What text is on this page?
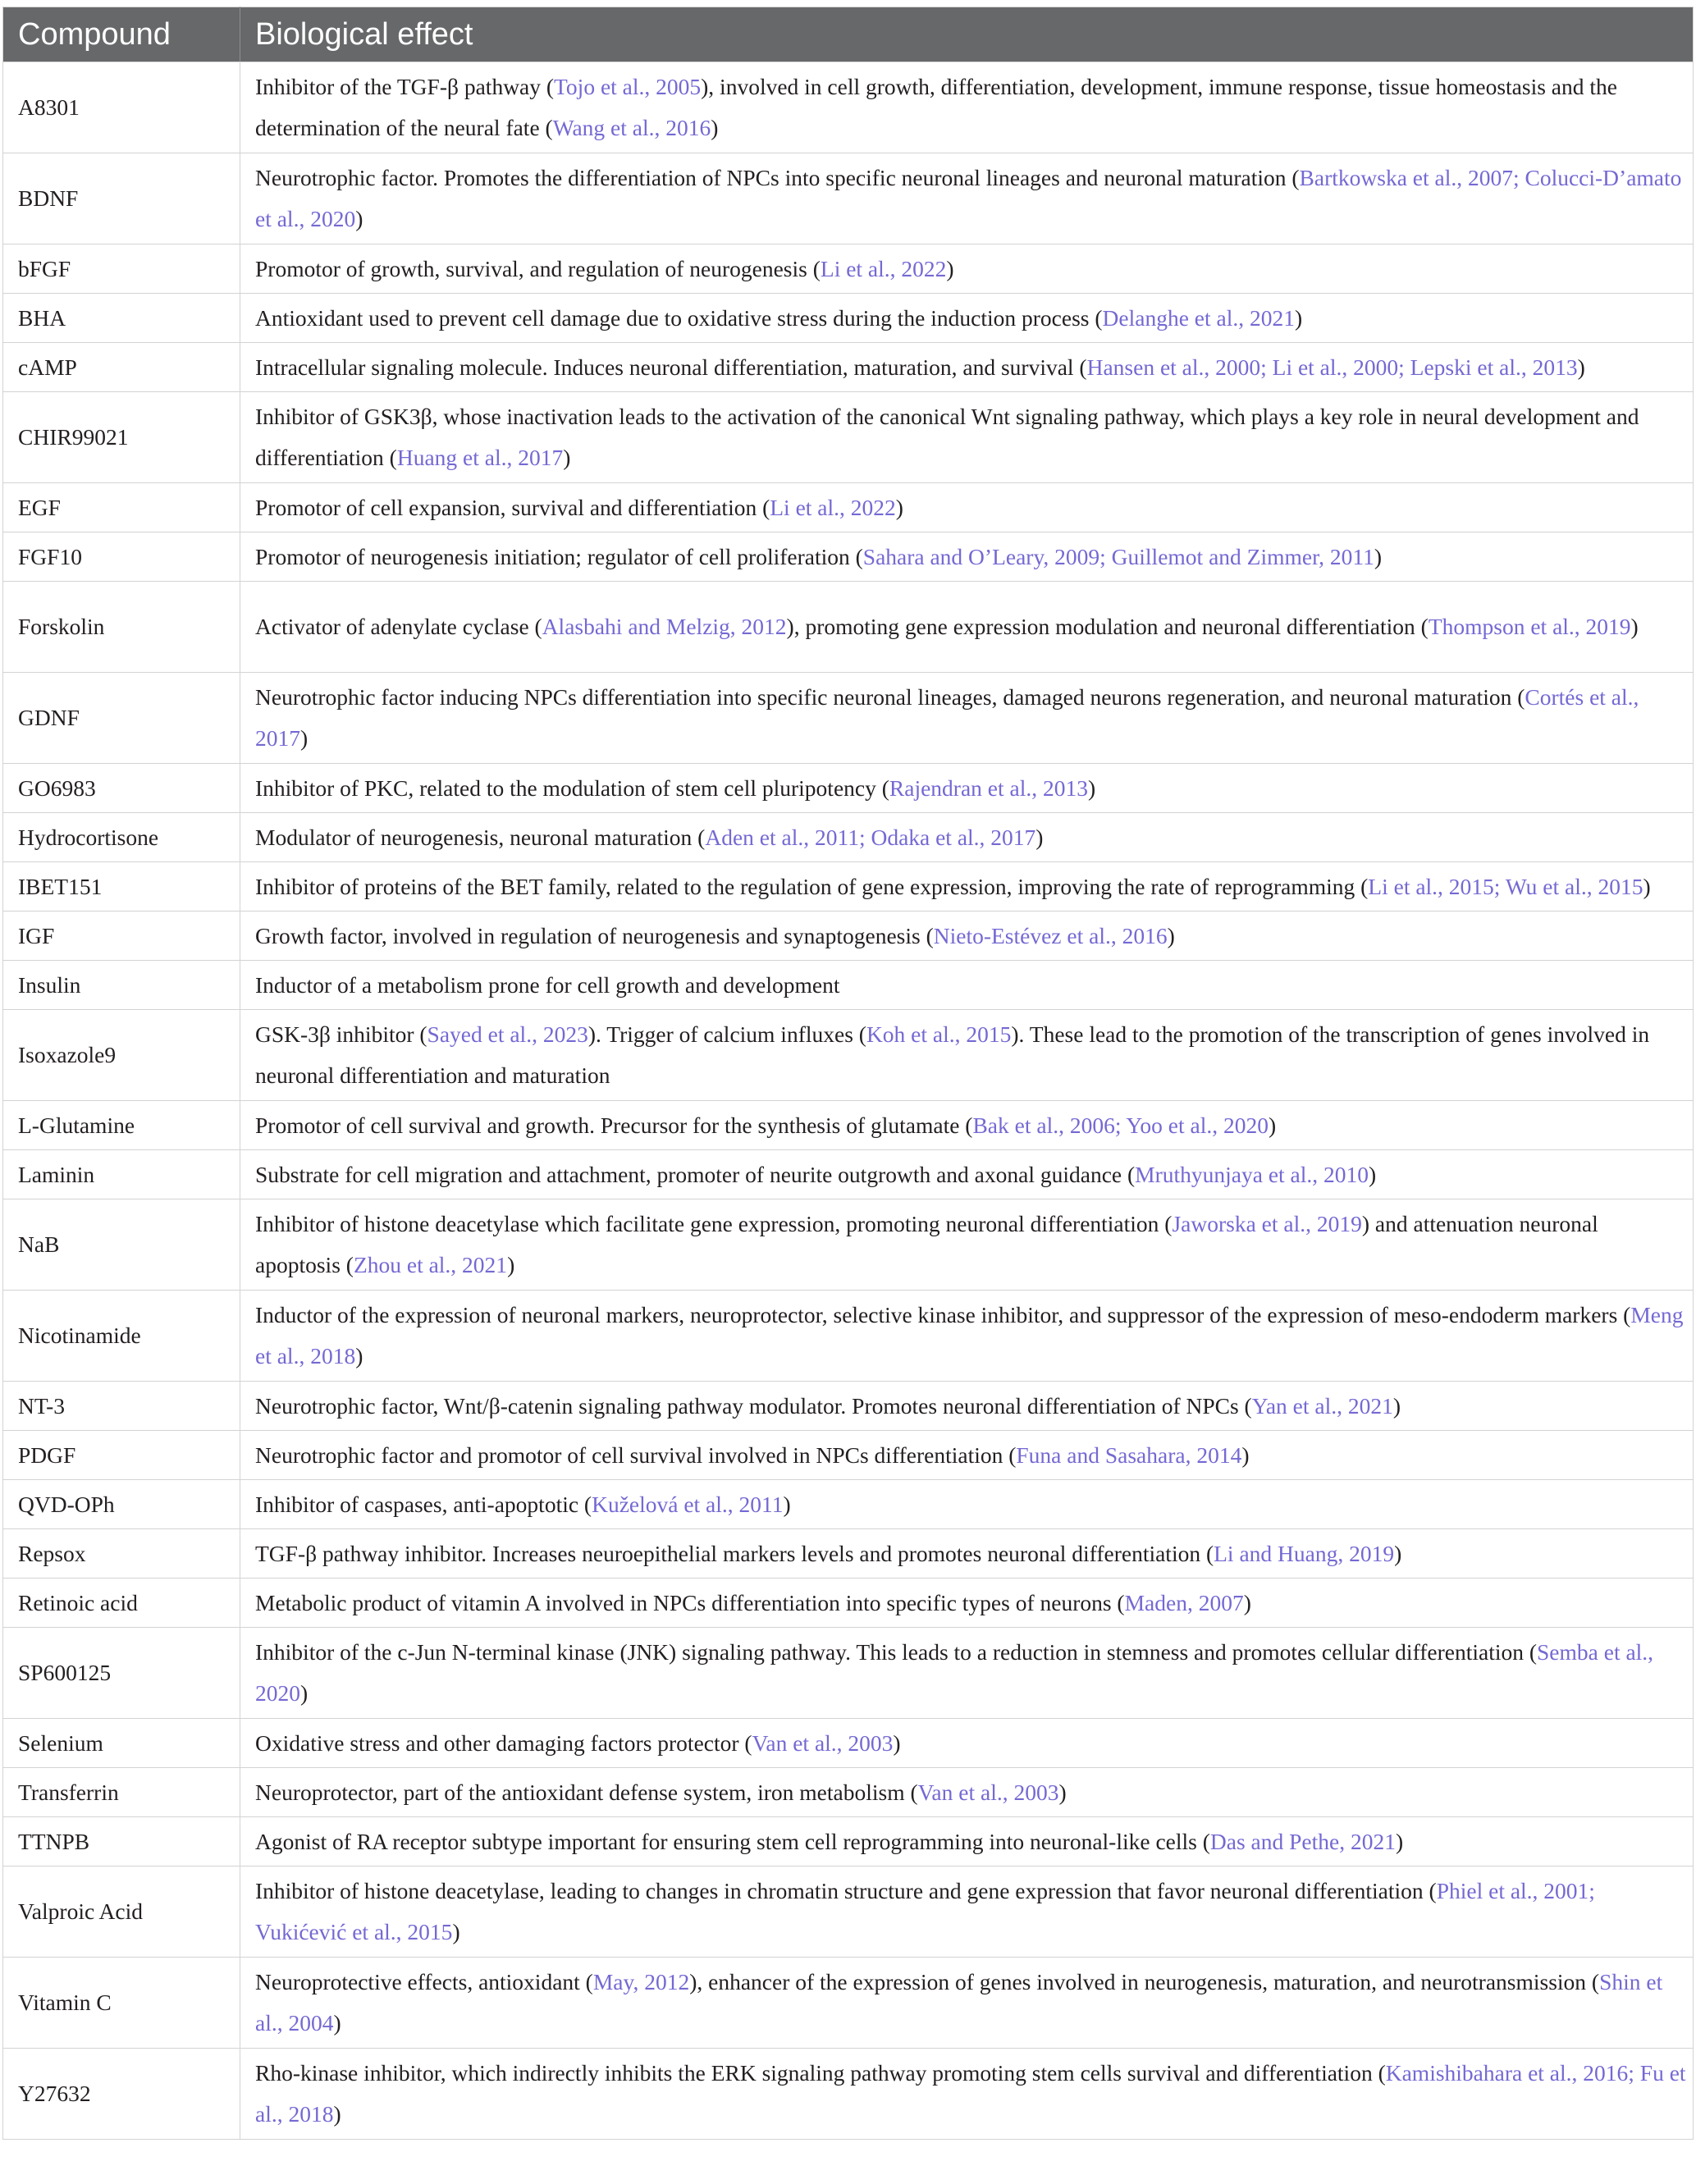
Compound	Biological effect
A8301	Inhibitor of the TGF-β pathway (Tojo et al., 2005), involved in cell growth, differentiation, development, immune response, tissue homeostasis and the determination of the neural fate (Wang et al., 2016)
BDNF	Neurotrophic factor. Promotes the differentiation of NPCs into specific neuronal lineages and neuronal maturation (Bartkowska et al., 2007; Colucci-D’amato et al., 2020)
bFGF	Promotor of growth, survival, and regulation of neurogenesis (Li et al., 2022)
BHA	Antioxidant used to prevent cell damage due to oxidative stress during the induction process (Delanghe et al., 2021)
cAMP	Intracellular signaling molecule. Induces neuronal differentiation, maturation, and survival (Hansen et al., 2000; Li et al., 2000; Lepski et al., 2013)
CHIR99021	Inhibitor of GSK3β, whose inactivation leads to the activation of the canonical Wnt signaling pathway, which plays a key role in neural development and differentiation (Huang et al., 2017)
EGF	Promotor of cell expansion, survival and differentiation (Li et al., 2022)
FGF10	Promotor of neurogenesis initiation; regulator of cell proliferation (Sahara and O’Leary, 2009; Guillemot and Zimmer, 2011)
Forskolin	Activator of adenylate cyclase (Alasbahi and Melzig, 2012), promoting gene expression modulation and neuronal differentiation (Thompson et al., 2019)
GDNF	Neurotrophic factor inducing NPCs differentiation into specific neuronal lineages, damaged neurons regeneration, and neuronal maturation (Cortés et al., 2017)
GO6983	Inhibitor of PKC, related to the modulation of stem cell pluripotency (Rajendran et al., 2013)
Hydrocortisone	Modulator of neurogenesis, neuronal maturation (Aden et al., 2011; Odaka et al., 2017)
IBET151	Inhibitor of proteins of the BET family, related to the regulation of gene expression, improving the rate of reprogramming (Li et al., 2015; Wu et al., 2015)
IGF	Growth factor, involved in regulation of neurogenesis and synaptogenesis (Nieto-Estévez et al., 2016)
Insulin	Inductor of a metabolism prone for cell growth and development
Isoxazole9	GSK-3β inhibitor (Sayed et al., 2023). Trigger of calcium influxes (Koh et al., 2015). These lead to the promotion of the transcription of genes involved in neuronal differentiation and maturation
L-Glutamine	Promotor of cell survival and growth. Precursor for the synthesis of glutamate (Bak et al., 2006; Yoo et al., 2020)
Laminin	Substrate for cell migration and attachment, promoter of neurite outgrowth and axonal guidance (Mruthyunjaya et al., 2010)
NaB	Inhibitor of histone deacetylase which facilitate gene expression, promoting neuronal differentiation (Jaworska et al., 2019) and attenuation neuronal apoptosis (Zhou et al., 2021)
Nicotinamide	Inductor of the expression of neuronal markers, neuroprotector, selective kinase inhibitor, and suppressor of the expression of meso-endoderm markers (Meng et al., 2018)
NT-3	Neurotrophic factor, Wnt/β-catenin signaling pathway modulator. Promotes neuronal differentiation of NPCs (Yan et al., 2021)
PDGF	Neurotrophic factor and promotor of cell survival involved in NPCs differentiation (Funa and Sasahara, 2014)
QVD-OPh	Inhibitor of caspases, anti-apoptotic (Kuželová et al., 2011)
Repsox	TGF-β pathway inhibitor. Increases neuroepithelial markers levels and promotes neuronal differentiation (Li and Huang, 2019)
Retinoic acid	Metabolic product of vitamin A involved in NPCs differentiation into specific types of neurons (Maden, 2007)
SP600125	Inhibitor of the c-Jun N-terminal kinase (JNK) signaling pathway. This leads to a reduction in stemness and promotes cellular differentiation (Semba et al., 2020)
Selenium	Oxidative stress and other damaging factors protector (Van et al., 2003)
Transferrin	Neuroprotector, part of the antioxidant defense system, iron metabolism (Van et al., 2003)
TTNPB	Agonist of RA receptor subtype important for ensuring stem cell reprogramming into neuronal-like cells (Das and Pethe, 2021)
Valproic Acid	Inhibitor of histone deacetylase, leading to changes in chromatin structure and gene expression that favor neuronal differentiation (Phiel et al., 2001; Vukićević et al., 2015)
Vitamin C	Neuroprotective effects, antioxidant (May, 2012), enhancer of the expression of genes involved in neurogenesis, maturation, and neurotransmission (Shin et al., 2004)
Y27632	Rho-kinase inhibitor, which indirectly inhibits the ERK signaling pathway promoting stem cells survival and differentiation (Kamishibahara et al., 2016; Fu et al., 2018)
